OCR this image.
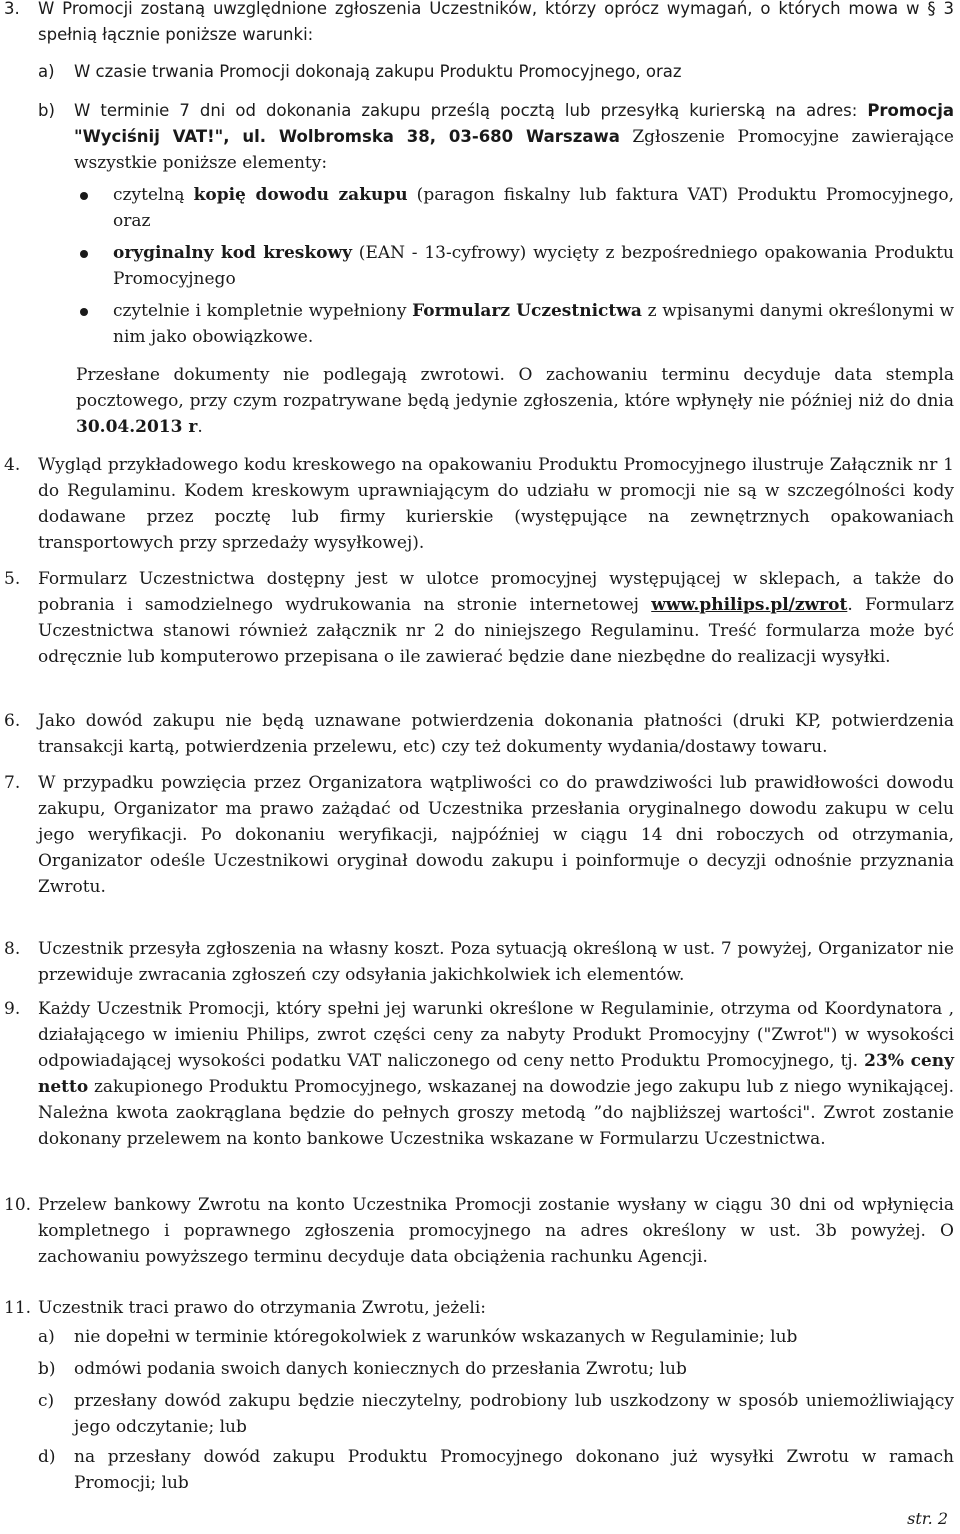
3. W Promocji zostaną uwzględnione zgłoszenia Uczestników, którzy oprócz wymagań, o których mowa w § 3 spełnią łącznie poniższe warunki:
a) W czasie trwania Promocji dokonają zakupu Produktu Promocyjnego, oraz
b) W terminie 7 dni od dokonania zakupu prześlą pocztą lub przesyłką kurierską na adres: Promocja "Wyciśnij VAT!", ul. Wolbromska 38, 03-680 Warszawa Zgłoszenie Promocyjne zawierające wszystkie poniższe elementy:
czytelną kopię dowodu zakupu (paragon fiskalny lub faktura VAT) Produktu Promocyjnego, oraz
oryginalny kod kreskowy (EAN - 13-cyfrowy) wycięty z bezpośredniego opakowania Produktu Promocyjnego
czytelnie i kompletnie wypełniony Formularz Uczestnictwa z wpisanymi danymi określonymi w nim jako obowiązkowe.
Przesłane dokumenty nie podlegają zwrotowi. O zachowaniu terminu decyduje data stempla pocztowego, przy czym rozpatrywane będą jedynie zgłoszenia, które wpłynęły nie później niż do dnia 30.04.2013 r.
4. Wygląd przykładowego kodu kreskowego na opakowaniu Produktu Promocyjnego ilustruje Załącznik nr 1 do Regulaminu. Kodem kreskowym uprawniającym do udziału w promocji nie są w szczególności kody dodawane przez pocztę lub firmy kurierskie (występujące na zewnętrznych opakowaniach transportowych przy sprzedaży wysyłkowej).
5. Formularz Uczestnictwa dostępny jest w ulotce promocyjnej występującej w sklepach, a także do pobrania i samodzielnego wydrukowania na stronie internetowej www.philips.pl/zwrot. Formularz Uczestnictwa stanowi również załącznik nr 2 do niniejszego Regulaminu. Treść formularza może być odręcznie lub komputerowo przepisana o ile zawierać będzie dane niezbędne do realizacji wysyłki.
6. Jako dowód zakupu nie będą uznawane potwierdzenia dokonania płatności (druki KP, potwierdzenia transakcji kartą, potwierdzenia przelewu, etc) czy też dokumenty wydania/dostawy towaru.
7. W przypadku powzięcia przez Organizatora wątpliwości co do prawdziwości lub prawidłowości dowodu zakupu, Organizator ma prawo zażądać od Uczestnika przesłania oryginalnego dowodu zakupu w celu jego weryfikacji. Po dokonaniu weryfikacji, najpóźniej w ciągu 14 dni roboczych od otrzymania, Organizator odeśle Uczestnikowi oryginał dowodu zakupu i poinformuje o decyzji odnośnie przyznania Zwrotu.
8. Uczestnik przesyła zgłoszenia na własny koszt. Poza sytuacją określoną w ust. 7 powyżej, Organizator nie przewiduje zwracania zgłoszeń czy odsyłania jakichkolwiek ich elementów.
9. Każdy Uczestnik Promocji, który spełni jej warunki określone w Regulaminie, otrzyma od Koordynatora , działającego w imieniu Philips, zwrot części ceny za nabyty Produkt Promocyjny ("Zwrot") w wysokości odpowiadającej wysokości podatku VAT naliczonego od ceny netto Produktu Promocyjnego, tj. 23% ceny netto zakupionego Produktu Promocyjnego, wskazanej na dowodzie jego zakupu lub z niego wynikającej. Należna kwota zaokrąglana będzie do pełnych groszy metodą ”do najbliższej wartości". Zwrot zostanie dokonany przelewem na konto bankowe Uczestnika wskazane w Formularzu Uczestnictwa.
10. Przelew bankowy Zwrotu na konto Uczestnika Promocji zostanie wysłany w ciągu 30 dni od wpłynięcia kompletnego i poprawnego zgłoszenia promocyjnego na adres określony w ust. 3b powyżej. O zachowaniu powyższego terminu decyduje data obciążenia rachunku Agencji.
11. Uczestnik traci prawo do otrzymania Zwrotu, jeżeli:
a) nie dopełni w terminie któregokolwiek z warunków wskazanych w Regulaminie; lub
b) odmówi podania swoich danych koniecznych do przesłania Zwrotu; lub
c) przesłany dowód zakupu będzie nieczytelny, podrobiony lub uszkodzony w sposób uniemożliwiający jego odczytanie; lub
d) na przesłany dowód zakupu Produktu Promocyjnego dokonano już wysyłki Zwrotu w ramach Promocji; lub
str. 2
